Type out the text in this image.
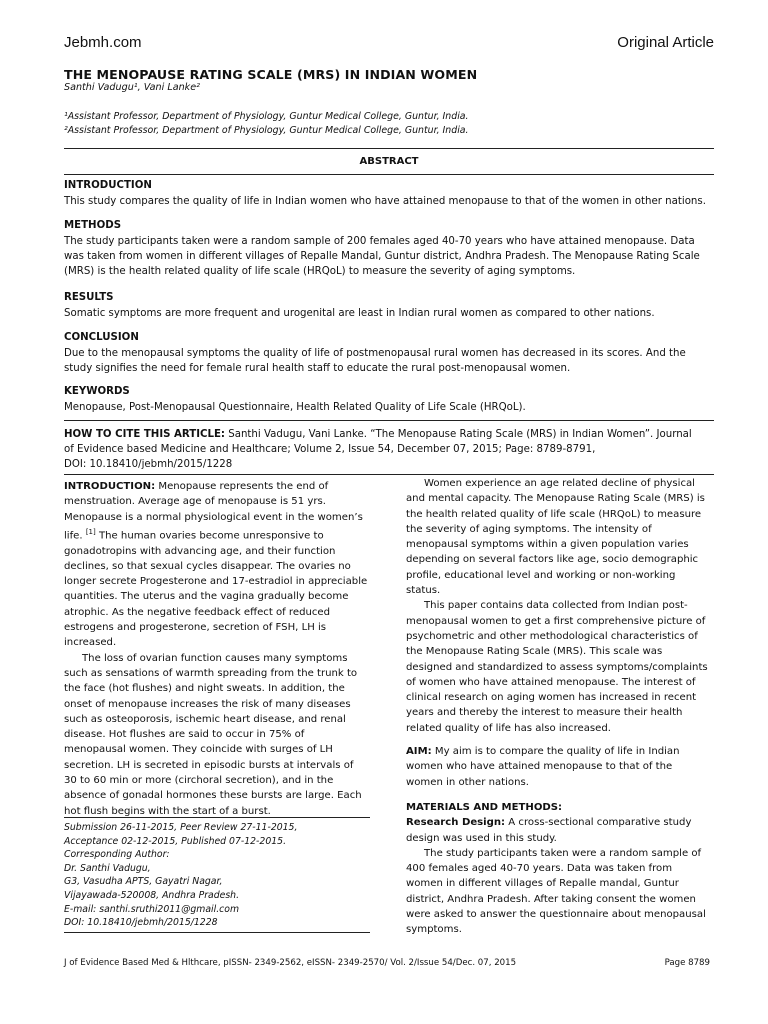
Jebmh.com	Original Article
THE MENOPAUSE RATING SCALE (MRS) IN INDIAN WOMEN
Santhi Vadugu¹, Vani Lanke²
¹Assistant Professor, Department of Physiology, Guntur Medical College, Guntur, India.
²Assistant Professor, Department of Physiology, Guntur Medical College, Guntur, India.
ABSTRACT
INTRODUCTION
This study compares the quality of life in Indian women who have attained menopause to that of the women in other nations.
METHODS
The study participants taken were a random sample of 200 females aged 40-70 years who have attained menopause. Data
was taken from women in different villages of Repalle Mandal, Guntur district, Andhra Pradesh. The Menopause Rating Scale
(MRS) is the health related quality of life scale (HRQoL) to measure the severity of aging symptoms.
RESULTS
Somatic symptoms are more frequent and urogenital are least in Indian rural women as compared to other nations.
CONCLUSION
Due to the menopausal symptoms the quality of life of postmenopausal rural women has decreased in its scores. And the
study signifies the need for female rural health staff to educate the rural post-menopausal women.
KEYWORDS
Menopause, Post-Menopausal Questionnaire, Health Related Quality of Life Scale (HRQoL).
HOW TO CITE THIS ARTICLE: Santhi Vadugu, Vani Lanke. “The Menopause Rating Scale (MRS) in Indian Women”. Journal
of Evidence based Medicine and Healthcare; Volume 2, Issue 54, December 07, 2015; Page: 8789-8791,
DOI: 10.18410/jebmh/2015/1228

INTRODUCTION: Menopause represents the end of

menstruation. Average age of menopause is 51 yrs.

Menopause is a normal physiological event in the women’s

life. [1] The human ovaries become unresponsive to

gonadotropins with advancing age, and their function

declines, so that sexual cycles disappear. The ovaries no

longer secrete Progesterone and 17-estradiol in appreciable

quantities. The uterus and the vagina gradually become

atrophic. As the negative feedback effect of reduced

estrogens and progesterone, secretion of FSH, LH is

increased.

The loss of ovarian function causes many symptoms

such as sensations of warmth spreading from the trunk to

the face (hot flushes) and night sweats. In addition, the

onset of menopause increases the risk of many diseases

such as osteoporosis, ischemic heart disease, and renal

disease. Hot flushes are said to occur in 75% of

menopausal women. They coincide with surges of LH

secretion. LH is secreted in episodic bursts at intervals of

30 to 60 min or more (circhoral secretion), and in the

absence of gonadal hormones these bursts are large. Each

hot flush begins with the start of a burst.

Submission 26-11-2015, Peer Review 27-11-2015,
Acceptance 02-12-2015, Published 07-12-2015.
Corresponding Author:
Dr. Santhi Vadugu,
G3, Vasudha APTS, Gayatri Nagar,
Vijayawada-520008, Andhra Pradesh.
E-mail: santhi.sruthi2011@gmail.com
DOI: 10.18410/jebmh/2015/1228

Women experience an age related decline of physical

and mental capacity. The Menopause Rating Scale (MRS) is

the health related quality of life scale (HRQoL) to measure

the severity of aging symptoms. The intensity of

menopausal symptoms within a given population varies

depending on several factors like age, socio demographic

profile, educational level and working or non-working

status.

This paper contains data collected from Indian post-

menopausal women to get a first comprehensive picture of

psychometric and other methodological characteristics of

the Menopause Rating Scale (MRS). This scale was

designed and standardized to assess symptoms/complaints

of women who have attained menopause. The interest of

clinical research on aging women has increased in recent

years and thereby the interest to measure their health

related quality of life has also increased.

AIM: My aim is to compare the quality of life in Indian

women who have attained menopause to that of the

women in other nations.

MATERIALS AND METHODS:

Research Design: A cross-sectional comparative study

design was used in this study.

The study participants taken were a random sample of

400 females aged 40-70 years. Data was taken from

women in different villages of Repalle mandal, Guntur

district, Andhra Pradesh. After taking consent the women

were asked to answer the questionnaire about menopausal

symptoms.

J of Evidence Based Med & Hlthcare, pISSN- 2349-2562, eISSN- 2349-2570/ Vol. 2/Issue 54/Dec. 07, 2015	Page 8789
